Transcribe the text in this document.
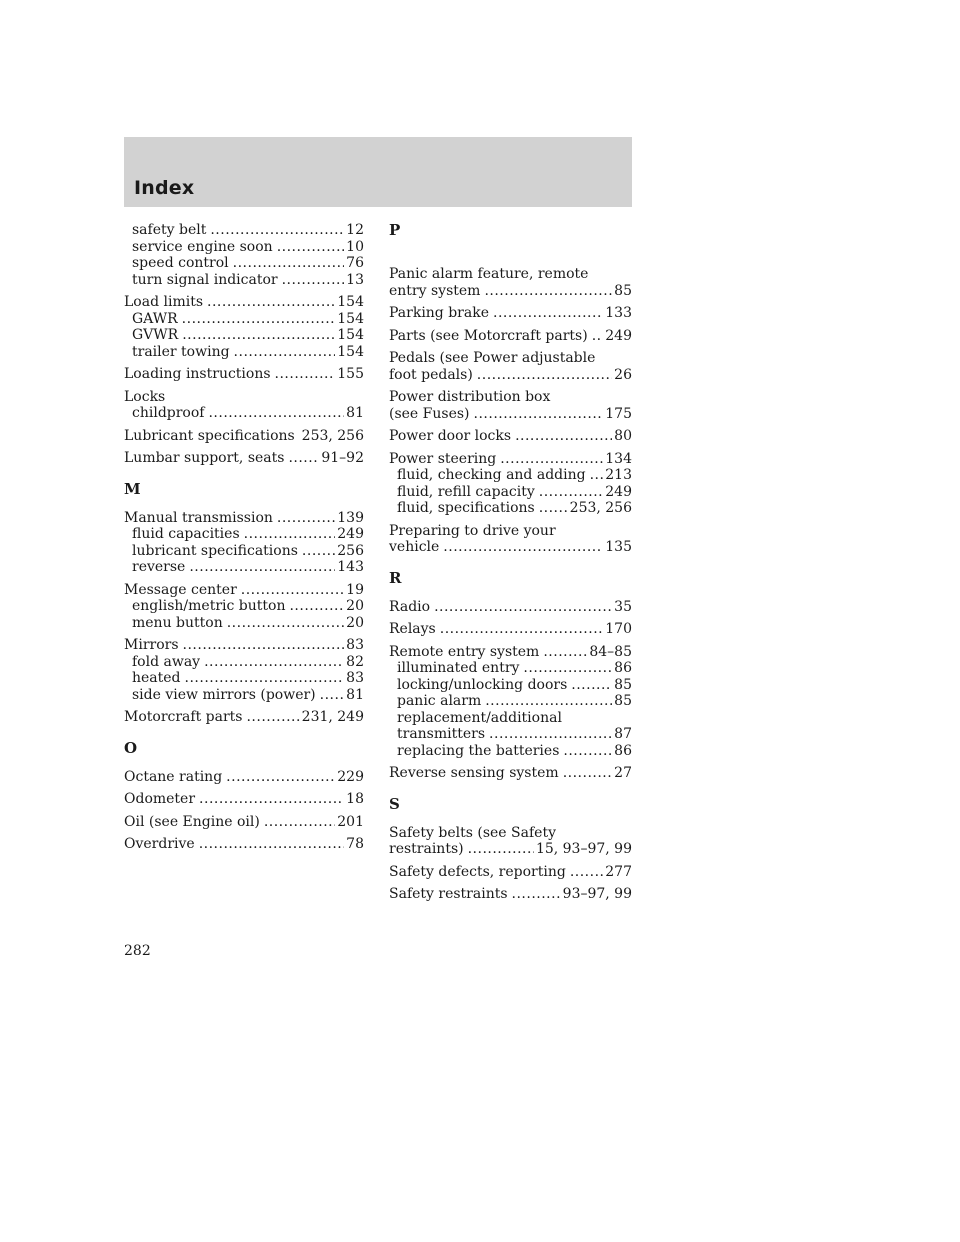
Index
safety belt .....	12
service engine soon .....	10
speed control .....	76
turn signal indicator .....	13
Load limits .....	154
GAWR .....	154
GVWR .....	154
trailer towing .....	154
Loading instructions .....	155
Locks
childproof .....	81
Lubricant specifications ..... 253, 256
Lumbar support, seats .....	91–92
M
Manual transmission .....	139
fluid capacities .....	249
lubricant specifications .....	256
reverse .....	143
Message center .....	19
english/metric button .....	20
menu button .....	20
Mirrors .....	83
fold away .....	82
heated .....	83
side view mirrors (power) ..... 81
Motorcraft parts .....	231, 249
O
Octane rating .....	229
Odometer .....	18
Oil (see Engine oil) .....	201
Overdrive .....	78
P
Panic alarm feature, remote
entry system .....	85
Parking brake .....	133
Parts (see Motorcraft parts) ..... 249
Pedals (see Power adjustable
foot pedals) .....	26
Power distribution box
(see Fuses) .....	175
Power door locks .....	80
Power steering .....	134
fluid, checking and adding ..... 213
fluid, refill capacity .....	249
fluid, specifications ..... 253, 256
Preparing to drive your
vehicle .....	135
R
Radio .....	35
Relays .....	170
Remote entry system .....	84–85
illuminated entry .....	86
locking/unlocking doors .....	85
panic alarm .....	85
replacement/additional
transmitters .....	87
replacing the batteries .....	86
Reverse sensing system .....	27
S
Safety belts (see Safety
restraints) .....	15, 93–97, 99
Safety defects, reporting .....	277
Safety restraints .....	93–97, 99
282
